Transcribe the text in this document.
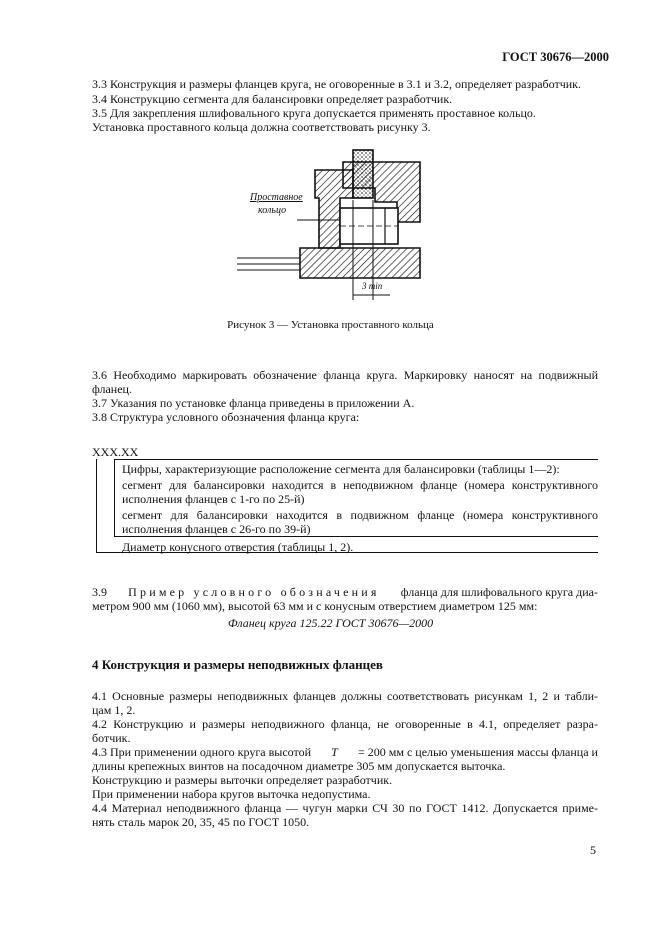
ГОСТ 30676—2000
3.3 Конструкция и размеры фланцев круга, не оговоренные в 3.1 и 3.2, определяет разработчик.
3.4 Конструкцию сегмента для балансировки определяет разработчик.
3.5 Для закрепления шлифовального круга допускается применять проставное кольцо.
Установка проставного кольца должна соответствовать рисунку 3.
Проставное
кольцо
3 min
Рисунок 3 — Установка проставного кольца
3.6 Необходимо маркировать обозначение фланца круга. Маркировку наносят на подвижный
фланец.
3.7 Указания по установке фланца приведены в приложении А.
3.8 Структура условного обозначения фланца круга:
XXX.XX
Цифры, характеризующие расположение сегмента для балансировки (таблицы 1—2):
сегмент для балансировки находится в неподвижном фланце (номера конструктивного
исполнения фланцев с 1-го по 25-й)
сегмент для балансировки находится в подвижном фланце (номера конструктивного
исполнения фланцев с 26-го по 39-й)
Диаметр конусного отверстия (таблицы 1, 2).
3.9 Пример условного обозначения фланца для шлифовального круга диа-
метром 900 мм (1060 мм), высотой 63 мм и с конусным отверстием диаметром 125 мм:
Фланец круга 125.22 ГОСТ 30676—2000
4 Конструкция и размеры неподвижных фланцев
4.1 Основные размеры неподвижных фланцев должны соответствовать рисункам 1, 2 и табли-
цам 1, 2.
4.2 Конструкцию и размеры неподвижного фланца, не оговоренные в 4.1, определяет разра-
ботчик.
4.3 При применении одного круга высотой T = 200 мм с целью уменьшения массы фланца и
длины крепежных винтов на посадочном диаметре 305 мм допускается выточка.
Конструкцию и размеры выточки определяет разработчик.
При применении набора кругов выточка недопустима.
4.4 Материал неподвижного фланца — чугун марки СЧ 30 по ГОСТ 1412. Допускается приме-
нять сталь марок 20, 35, 45 по ГОСТ 1050.
5
